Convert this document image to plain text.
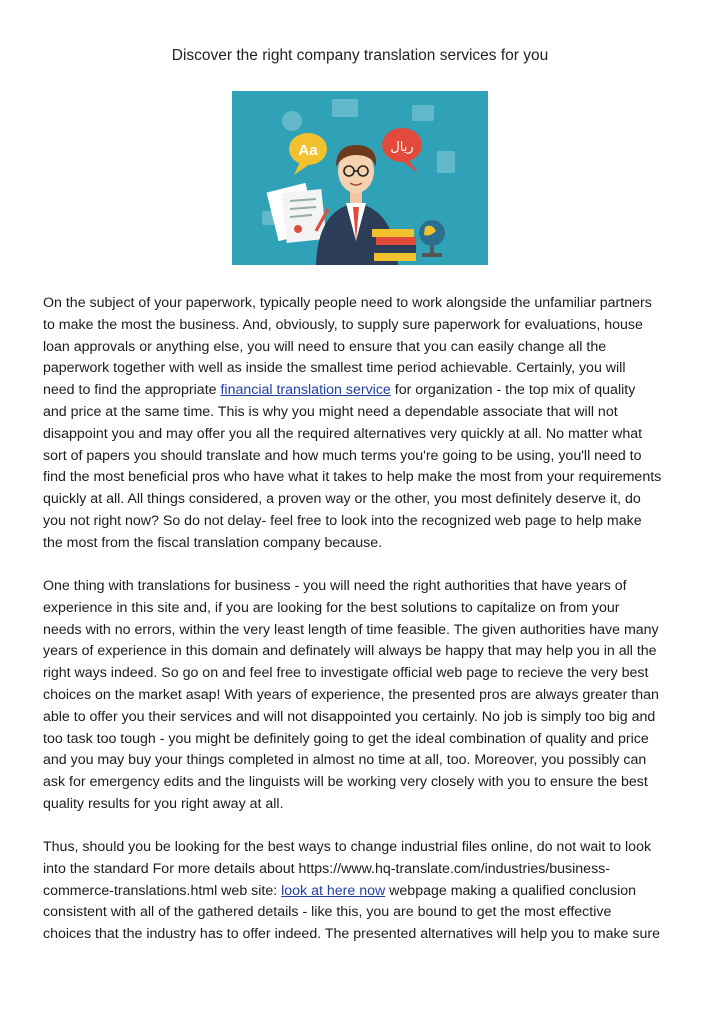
Discover the right company translation services for you
Aa	ريال
On the subject of your paperwork, typically people need to work alongside the unfamiliar partners
to make the most the business. And, obviously, to supply sure paperwork for evaluations, house
loan approvals or anything else, you will need to ensure that you can easily change all the
paperwork together with well as inside the smallest time period achievable. Certainly, you will
need to find the appropriate financial translation service for organization - the top mix of quality
and price at the same time. This is why you might need a dependable associate that will not
disappoint you and may offer you all the required alternatives very quickly at all. No matter what
sort of papers you should translate and how much terms you're going to be using, you'll need to
find the most beneficial pros who have what it takes to help make the most from your requirements
quickly at all. All things considered, a proven way or the other, you most definitely deserve it, do
you not right now? So do not delay- feel free to look into the recognized web page to help make
the most from the fiscal translation company because.
One thing with translations for business - you will need the right authorities that have years of
experience in this site and, if you are looking for the best solutions to capitalize on from your
needs with no errors, within the very least length of time feasible. The given authorities have many
years of experience in this domain and definately will always be happy that may help you in all the
right ways indeed. So go on and feel free to investigate official web page to recieve the very best
choices on the market asap! With years of experience, the presented pros are always greater than
able to offer you their services and will not disappointed you certainly. No job is simply too big and
too task too tough - you might be definitely going to get the ideal combination of quality and price
and you may buy your things completed in almost no time at all, too. Moreover, you possibly can
ask for emergency edits and the linguists will be working very closely with you to ensure the best
quality results for you right away at all.
Thus, should you be looking for the best ways to change industrial files online, do not wait to look
into the standard For more details about https://www.hq-translate.com/industries/business-
commerce-translations.html web site: look at here now webpage making a qualified conclusion
consistent with all of the gathered details - like this, you are bound to get the most effective
choices that the industry has to offer indeed. The presented alternatives will help you to make sure
